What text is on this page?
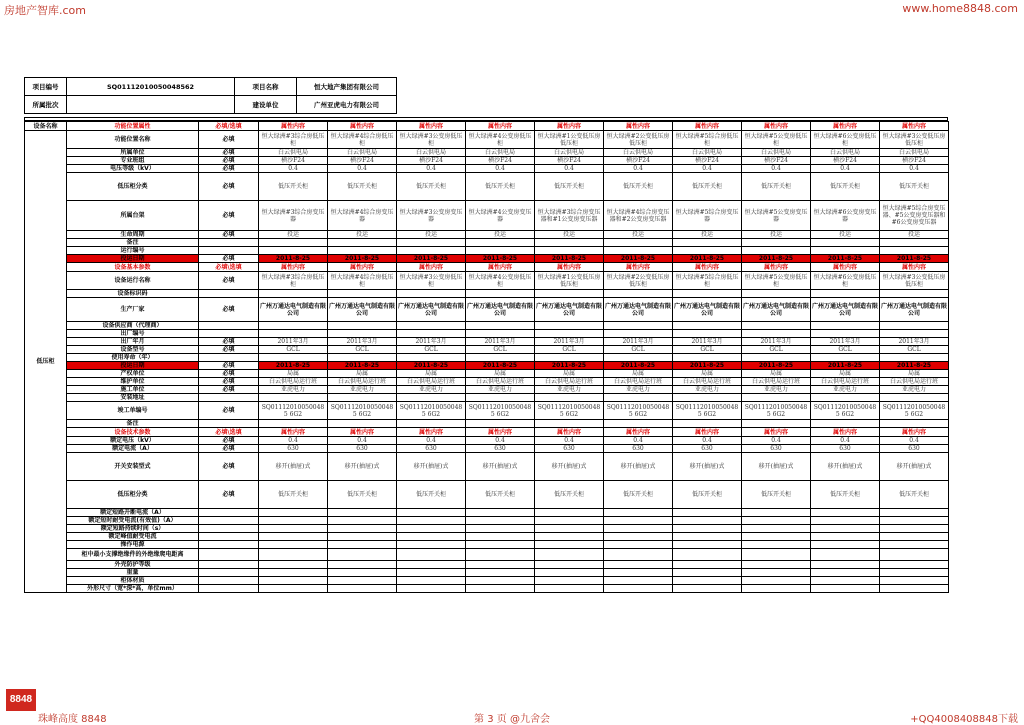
房地产智库.com	www.home8848.com
项目编号	SQ01112010050048562	项目名称	恒大地产集团有限公司
所属批次		建设单位	广州亚虎电力有限公司
设备名称	功能位置属性	必填/选填	属性内容	属性内容	属性内容	属性内容	属性内容	属性内容	属性内容	属性内容	属性内容	属性内容
低压柜	功能位置名称	必填	恒大绿洲#3综合房低压柜	恒大绿洲#4综合房低压柜	恒大绿洲#3公变房低压柜	恒大绿洲#4公变房低压柜	恒大绿洲#1公变低压房低压柜	恒大绿洲#2公变低压房低压柜	恒大绿洲#5综合房低压柜	恒大绿洲#5公变房低压柜	恒大绿洲#6公变房低压柜	恒大绿洲#3公变低压房低压柜
	所属单位	必填	白云供电局	白云供电局	白云供电局	白云供电局	白云供电局	白云供电局	白云供电局	白云供电局	白云供电局	白云供电局
	专业班组	必填	横沙F24	横沙F24	横沙F24	横沙F24	横沙F24	横沙F24	横沙F24	横沙F24	横沙F24	横沙F24
	电压等级（kV）	必填	0.4	0.4	0.4	0.4	0.4	0.4	0.4	0.4	0.4	0.4
	低压柜分类	必填	低压开关柜	低压开关柜	低压开关柜	低压开关柜	低压开关柜	低压开关柜	低压开关柜	低压开关柜	低压开关柜	低压开关柜
	所属台架	必填	恒大绿洲#3综合房变压器	恒大绿洲#4综合房变压器	恒大绿洲#3公变房变压器	恒大绿洲#4公变房变压器	恒大绿洲#3综合房变压器和#1公变房变压器	恒大绿洲#4综合房变压器和#2公变房变压器	恒大绿洲#5综合房变压器	恒大绿洲#5公变房变压器	恒大绿洲#6公变房变压器	恒大绿洲#5综合房变压器、#5公变房变压器和#6公变房变压器
	生命周期	必填	投运	投运	投运	投运	投运	投运	投运	投运	投运	投运
	备注											
	运行编号											
	投运日期	必填	2011-8-25	2011-8-25	2011-8-25	2011-8-25	2011-8-25	2011-8-25	2011-8-25	2011-8-25	2011-8-25	2011-8-25
	设备基本参数	必填\选填	属性内容	属性内容	属性内容	属性内容	属性内容	属性内容	属性内容	属性内容	属性内容	属性内容
	设备运行名称	必填	恒大绿洲#3综合房低压柜	恒大绿洲#4综合房低压柜	恒大绿洲#3公变房低压柜	恒大绿洲#4公变房低压柜	恒大绿洲#1公变低压房低压柜	恒大绿洲#2公变低压房低压柜	恒大绿洲#5综合房低压柜	恒大绿洲#5公变房低压柜	恒大绿洲#6公变房低压柜	恒大绿洲#3公变低压房低压柜
	设备标识码											
	生产厂家	必填	广州万通达电气制造有限公司	广州万通达电气制造有限公司	广州万通达电气制造有限公司	广州万通达电气制造有限公司	广州万通达电气制造有限公司	广州万通达电气制造有限公司	广州万通达电气制造有限公司	广州万通达电气制造有限公司	广州万通达电气制造有限公司	广州万通达电气制造有限公司
	设备供应商（代理商）											
	出厂编号											
	出厂年月	必填	2011年3月	2011年3月	2011年3月	2011年3月	2011年3月	2011年3月	2011年3月	2011年3月	2011年3月	2011年3月
	设备型号	必填	GCL	GCL	GCL	GCL	GCL	GCL	GCL	GCL	GCL	GCL
	使用寿命（年）											
	投运日期	必填	2011-8-25	2011-8-25	2011-8-25	2011-8-25	2011-8-25	2011-8-25	2011-8-25	2011-8-25	2011-8-25	2011-8-25
	产权单位	必填	局属	局属	局属	局属	局属	局属	局属	局属	局属	局属
	维护单位	必填	白云供电局运行班	白云供电局运行班	白云供电局运行班	白云供电局运行班	白云供电局运行班	白云供电局运行班	白云供电局运行班	白云供电局运行班	白云供电局运行班	白云供电局运行班
	施工单位	必填	亚虎电力	亚虎电力	亚虎电力	亚虎电力	亚虎电力	亚虎电力	亚虎电力	亚虎电力	亚虎电力	亚虎电力
	安装地址											
	竣工单编号	必填	SQ011120100500485 6G2	SQ011120100500485 6G2	SQ011120100500485 6G2	SQ011120100500485 6G2	SQ011120100500485 6G2	SQ011120100500485 6G2	SQ011120100500485 6G2	SQ011120100500485 6G2	SQ011120100500485 6G2	SQ011120100500485 6G2
	备注											
	设备技术参数	必填\选填	属性内容	属性内容	属性内容	属性内容	属性内容	属性内容	属性内容	属性内容	属性内容	属性内容
	额定电压（kV）	必填	0.4	0.4	0.4	0.4	0.4	0.4	0.4	0.4	0.4	0.4
	额定电流（A）	必填	630	630	630	630	630	630	630	630	630	630
	开关安装型式	必填	移开(抽屉)式	移开(抽屉)式	移开(抽屉)式	移开(抽屉)式	移开(抽屉)式	移开(抽屉)式	移开(抽屉)式	移开(抽屉)式	移开(抽屉)式	移开(抽屉)式
	低压柜分类	必填	低压开关柜	低压开关柜	低压开关柜	低压开关柜	低压开关柜	低压开关柜	低压开关柜	低压开关柜	低压开关柜	低压开关柜
	额定短路开断电流（A）											
	额定短时耐受电流(有效值)（A）											
	额定短路持续时间（s）											
	额定峰值耐受电流											
	操作电源											
	柜中最小支撑绝缘件的外绝缘爬电距离											
	外壳防护等级											
	重量											
	柜体材质											
	外形尺寸（宽*深*高，单位mm）											
8848
珠峰高度 8848	第 3 页 @九舍会	+QQ4008408848下载
